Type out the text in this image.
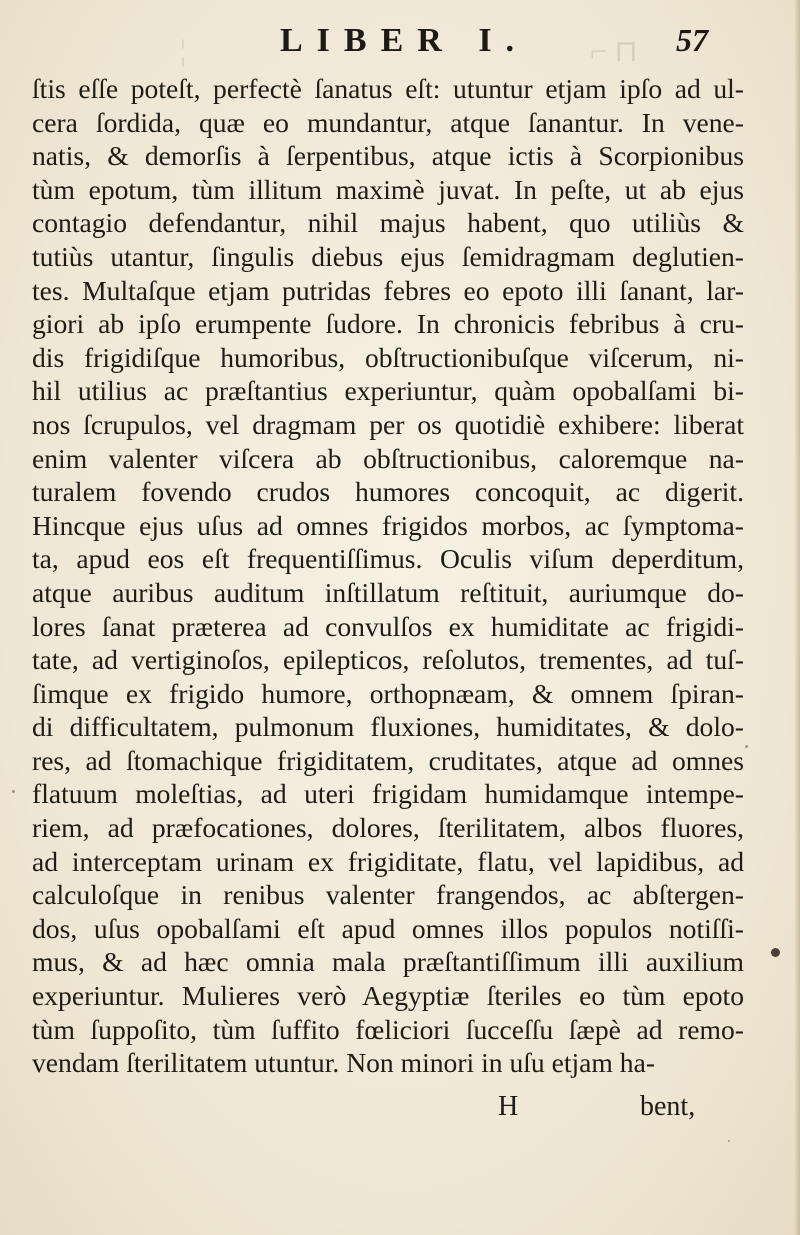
¦	⌐ ⊓
LIBER I.	57
ſtis eſſe poteſt, perfectè ſanatus eſt: utuntur etjam ipſo ad ul-
cera ſordida, quæ eo mundantur, atque ſanantur. In vene-
natis, & demorſis à ſerpentibus, atque ictis à Scorpionibus
tùm epotum, tùm illitum maximè juvat. In peſte, ut ab ejus
contagio defendantur, nihil majus habent, quo utiliùs &
tutiùs utantur, ſingulis diebus ejus ſemidragmam deglutien-
tes. Multaſque etjam putridas febres eo epoto illi ſanant, lar-
giori ab ipſo erumpente ſudore. In chronicis febribus à cru-
dis frigidiſque humoribus, obſtructionibuſque viſcerum, ni-
hil utilius ac præſtantius experiuntur, quàm opobalſami bi-
nos ſcrupulos, vel dragmam per os quotidiè exhibere: liberat
enim valenter viſcera ab obſtructionibus, caloremque na-
turalem fovendo crudos humores concoquit, ac digerit.
Hincque ejus uſus ad omnes frigidos morbos, ac ſymptoma-
ta, apud eos eſt frequentiſſimus. Oculis viſum deperditum,
atque auribus auditum inſtillatum reſtituit, auriumque do-
lores ſanat præterea ad convulſos ex humiditate ac frigidi-
tate, ad vertiginoſos, epilepticos, reſolutos, trementes, ad tuſ-
ſimque ex frigido humore, orthopnæam, & omnem ſpiran-
di difficultatem, pulmonum fluxiones, humiditates, & dolo-
res, ad ſtomachique frigiditatem, cruditates, atque ad omnes
flatuum moleſtias, ad uteri frigidam humidamque intempe-
riem, ad præfocationes, dolores, ſterilitatem, albos fluores,
ad interceptam urinam ex frigiditate, flatu, vel lapidibus, ad
calculoſque in renibus valenter frangendos, ac abſtergen-
dos, uſus opobalſami eſt apud omnes illos populos notiſſi-
mus, & ad hæc omnia mala præſtantiſſimum illi auxilium
experiuntur. Mulieres verò Aegyptiæ ſteriles eo tùm epoto
tùm ſuppoſito, tùm ſuffito fœliciori ſucceſſu ſæpè ad remo-
vendam ſterilitatem utuntur. Non minori in uſu etjam ha-
H	bent,
